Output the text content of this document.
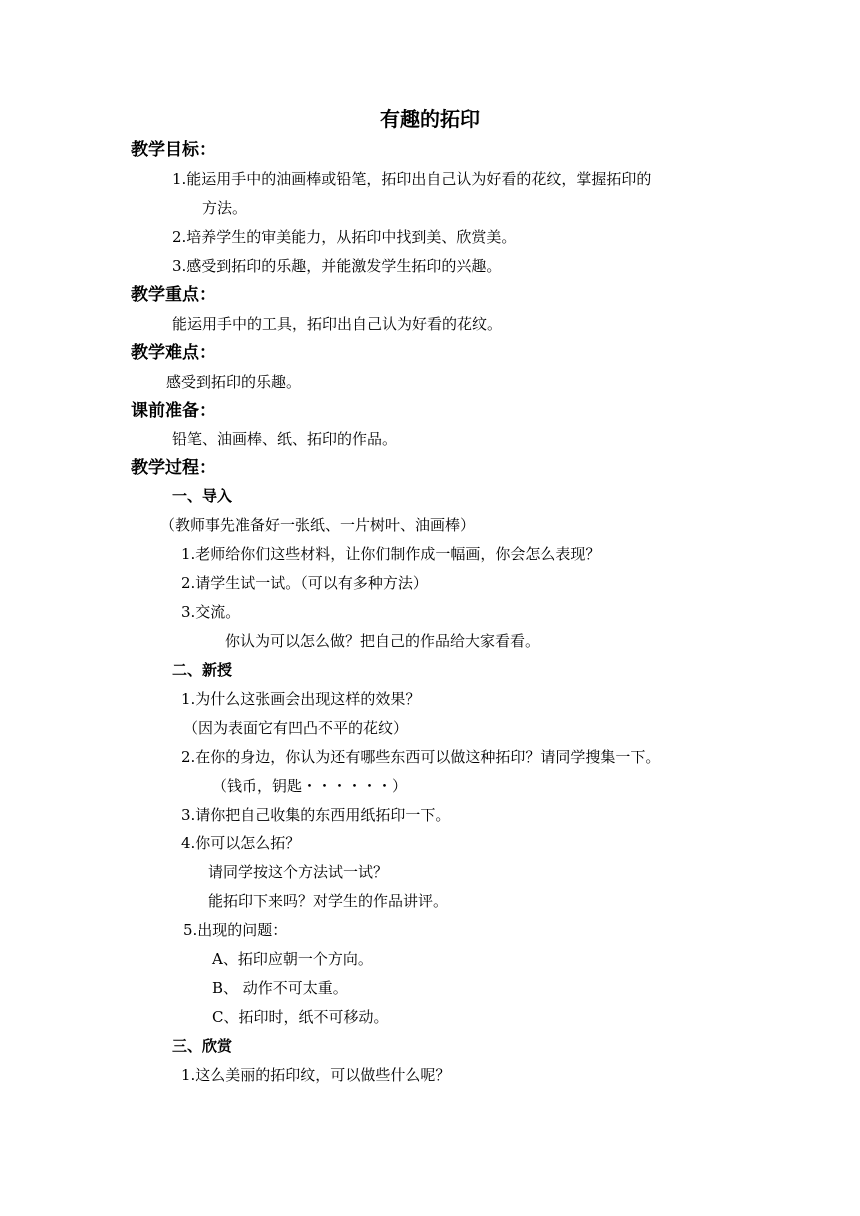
有趣的拓印
教学目标：
1.能运用手中的油画棒或铅笔，拓印出自己认为好看的花纹，掌握拓印的
方法。
2.培养学生的审美能力，从拓印中找到美、欣赏美。
3.感受到拓印的乐趣，并能激发学生拓印的兴趣。
教学重点：
能运用手中的工具，拓印出自己认为好看的花纹。
教学难点：
感受到拓印的乐趣。
课前准备：
铅笔、油画棒、纸、拓印的作品。
教学过程：
一、导入
（教师事先准备好一张纸、一片树叶、油画棒）
1.老师给你们这些材料，让你们制作成一幅画，你会怎么表现？
2.请学生试一试。（可以有多种方法）
3.交流。
你认为可以怎么做？把自己的作品给大家看看。
二、新授
1.为什么这张画会出现这样的效果？
（因为表面它有凹凸不平的花纹）
2.在你的身边，你认为还有哪些东西可以做这种拓印？请同学搜集一下。
（钱币，钥匙・・・・・・）
3.请你把自己收集的东西用纸拓印一下。
4.你可以怎么拓？
请同学按这个方法试一试？
能拓印下来吗？对学生的作品讲评。
5.出现的问题：
A、拓印应朝一个方向。
B、 动作不可太重。
C、拓印时，纸不可移动。
三、欣赏
1.这么美丽的拓印纹，可以做些什么呢？
